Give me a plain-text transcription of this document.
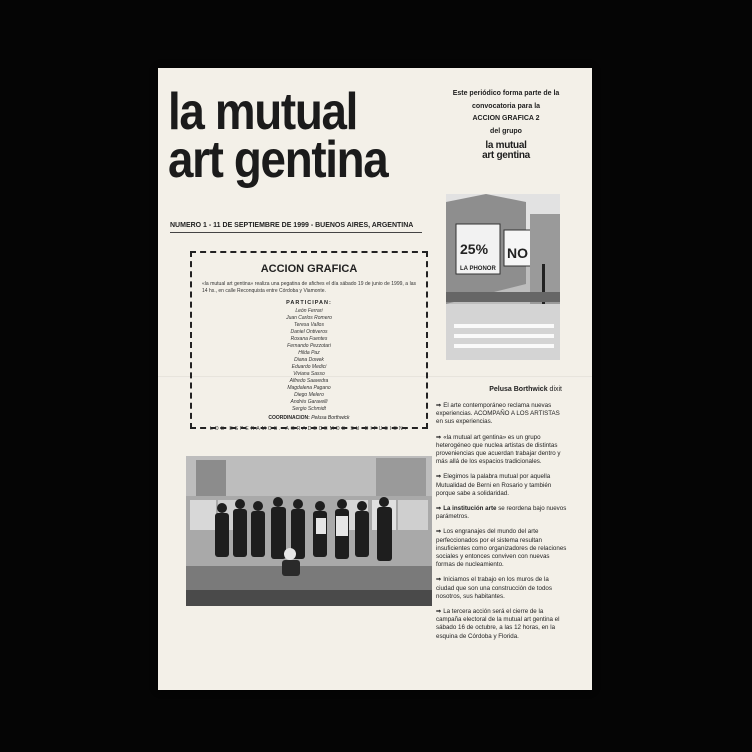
la mutual
art gentina
NUMERO 1 - 11 DE SEPTIEMBRE DE 1999 - BUENOS AIRES, ARGENTINA
ACCION GRAFICA
«la mutual art gentina» realiza una pegatina de afiches el día sábado 19 de junio de 1999, a las 14 hs., en calle Reconquista entre Córdoba y Viamonte.
PARTICIPAN:
León Ferrari
Juan Carlos Romero
Teresa Vallos
Daniel Ontiveros
Roxana Fuentes
Fernando Pezzotari
Hilda Paz
Diana Dowek
Eduardo Medici
Viviana Sasso
Alfredo Saavedra
Magdalena Pagano
Diego Melero
Andrés Garavelli
Sergio Schmidt
COORDINACION: Pelusa Borthwick
LOS ESPERAMOS. AGRADECEMOS SU DIFUSION.
Este periódico forma parte de la
convocatoria para la
ACCION GRAFICA 2
del grupo
la mutual
art gentina
25%
LA PHONOR
NO
Pelusa Borthwick dixit

⇒ El arte contemporáneo reclama nuevas experiencias. ACOMPAÑO A LOS ARTISTAS en sus experiencias.

⇒ «la mutual art gentina» es un grupo heterogéneo que nuclea artistas de distintas proveniencias que acuerdan trabajar dentro y más allá de los espacios tradicionales.

⇒ Elegimos la palabra mutual por aquella Mutualidad de Berni en Rosario y también porque sabe a solidaridad.

⇒ La institución arte se reordena bajo nuevos parámetros.

⇒ Los engranajes del mundo del arte perfeccionados por el sistema resultan insuficientes como organizadores de relaciones sociales y entonces conviven con nuevas formas de nucleamiento.

⇒ Iniciamos el trabajo en los muros de la ciudad que son una construcción de todos nosotros, sus habitantes.

⇒ La tercera acción será el cierre de la campaña electoral de la mutual art gentina el sábado 16 de octubre, a las 12 horas, en la esquina de Córdoba y Florida.
